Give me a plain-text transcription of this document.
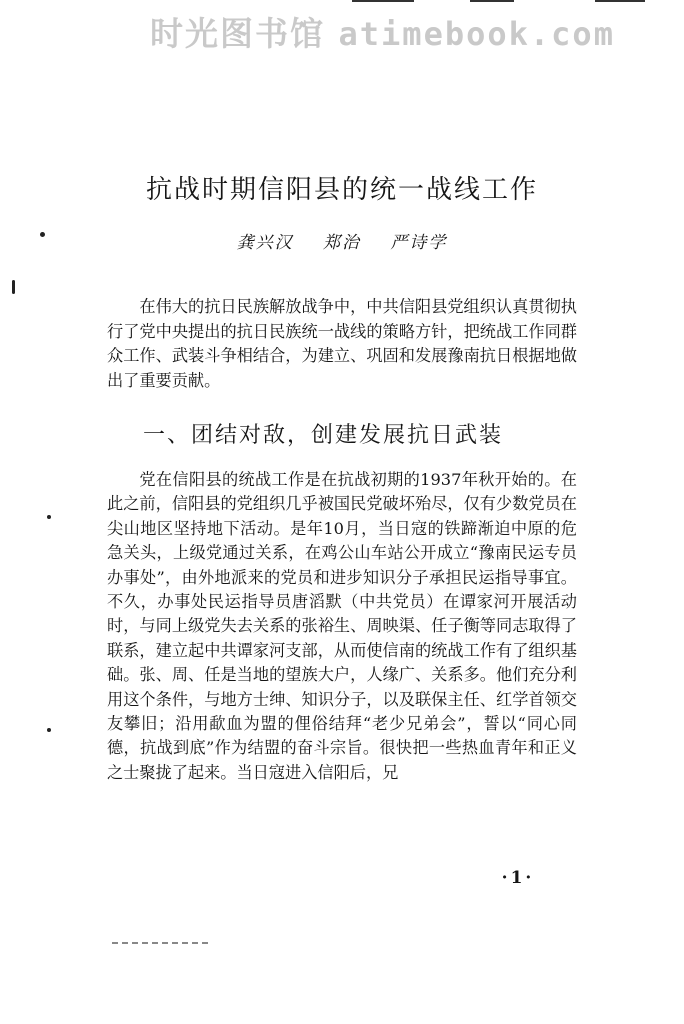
时光图书馆 atimebook.com
抗战时期信阳县的统一战线工作
龚兴汉 郑治 严诗学

在伟大的抗日民族解放战争中，中共信阳县党组织认真贯彻执行了党中央提出的抗日民族统一战线的策略方针，把统战工作同群众工作、武装斗争相结合，为建立、巩固和发展豫南抗日根据地做出了重要贡献。

一、团结对敌，创建发展抗日武装

党在信阳县的统战工作是在抗战初期的1937年秋开始的。在此之前，信阳县的党组织几乎被国民党破坏殆尽，仅有少数党员在尖山地区坚持地下活动。是年10月，当日寇的铁蹄渐迫中原的危急关头，上级党通过关系，在鸡公山车站公开成立“豫南民运专员办事处”，由外地派来的党员和进步知识分子承担民运指导事宜。不久，办事处民运指导员唐滔默（中共党员）在谭家河开展活动时，与同上级党失去关系的张裕生、周映渠、任子衡等同志取得了联系，建立起中共谭家河支部，从而使信南的统战工作有了组织基础。张、周、任是当地的望族大户，人缘广、关系多。他们充分利用这个条件，与地方士绅、知识分子，以及联保主任、红学首领交友攀旧；沿用歃血为盟的俚俗结拜“老少兄弟会”，誓以“同心同德，抗战到底”作为结盟的奋斗宗旨。很快把一些热血青年和正义之士聚拢了起来。当日寇进入信阳后，兄

·1·
